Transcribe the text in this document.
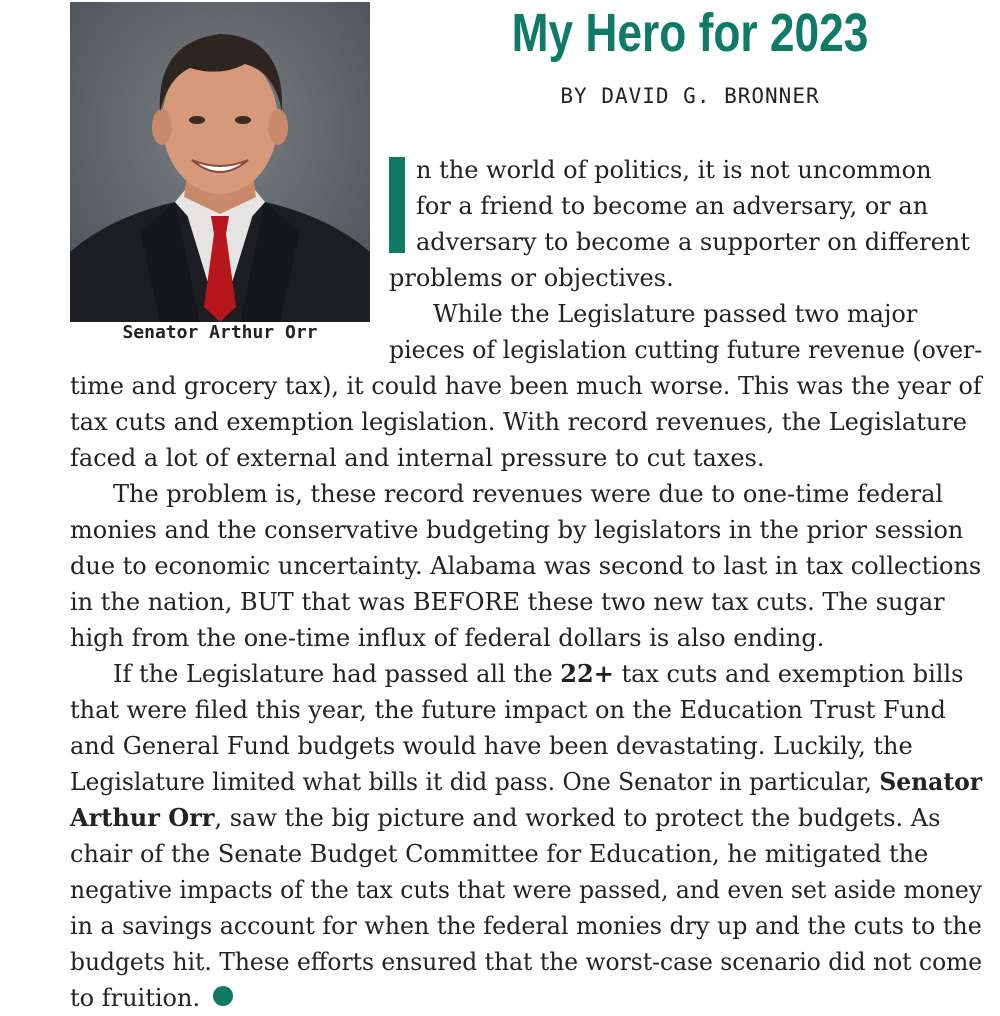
Senator Arthur Orr
My Hero for 2023
BY DAVID G. BRONNER
n the world of politics, it is not uncommon
for a friend to become an adversary, or an
adversary to become a supporter on different
problems or objectives.
While the Legislature passed two major
pieces of legislation cutting future revenue (over-
time and grocery tax), it could have been much worse. This was the year of
tax cuts and exemption legislation. With record revenues, the Legislature
faced a lot of external and internal pressure to cut taxes.
The problem is, these record revenues were due to one-time federal
monies and the conservative budgeting by legislators in the prior session
due to economic uncertainty. Alabama was second to last in tax collections
in the nation, BUT that was BEFORE these two new tax cuts. The sugar
high from the one-time influx of federal dollars is also ending.
If the Legislature had passed all the 22+ tax cuts and exemption bills
that were filed this year, the future impact on the Education Trust Fund
and General Fund budgets would have been devastating. Luckily, the
Legislature limited what bills it did pass. One Senator in particular, Senator
Arthur Orr, saw the big picture and worked to protect the budgets. As
chair of the Senate Budget Committee for Education, he mitigated the
negative impacts of the tax cuts that were passed, and even set aside money
in a savings account for when the federal monies dry up and the cuts to the
budgets hit. These efforts ensured that the worst-case scenario did not come
to fruition.
